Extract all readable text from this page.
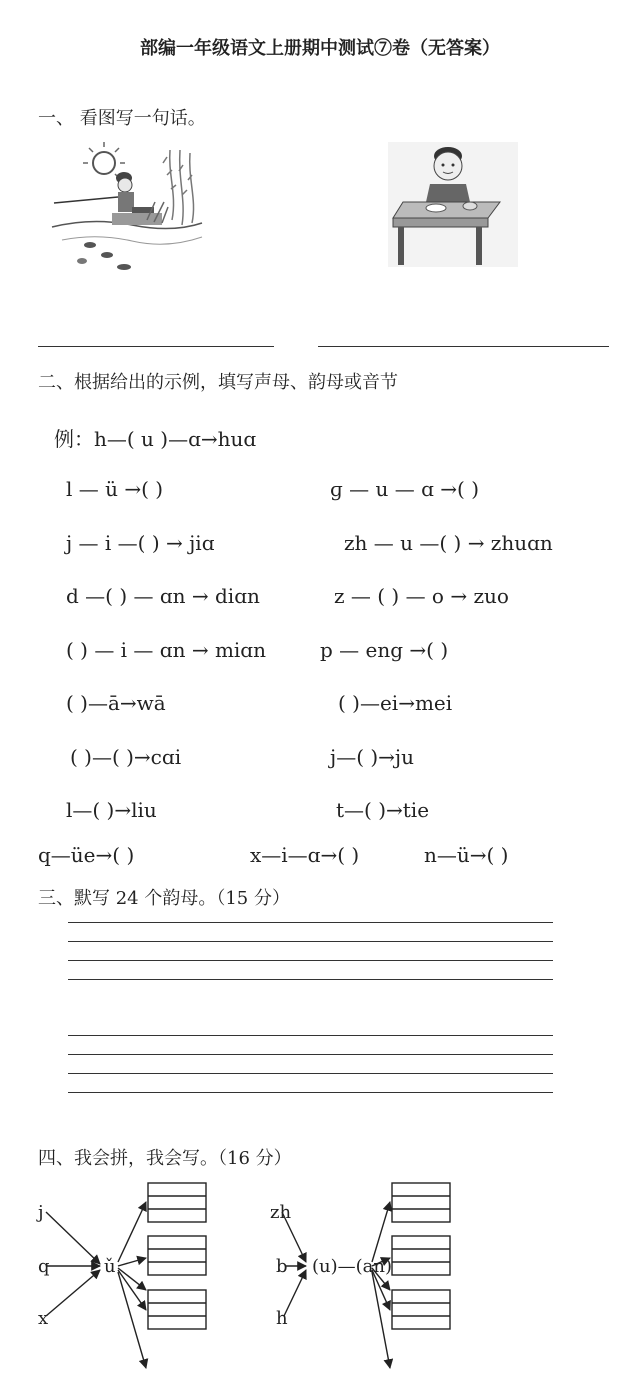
部编一年级语文上册期中测试⑦卷（无答案）
一、 看图写一句话。
二、根据给出的示例，填写声母、韵母或音节
例：h—( u )—ɑ→huɑ
l — ü →( )	ɡ — u — ɑ →( )
j — i —( ) → jiɑ	zh — u —( ) → zhuɑn
d —( ) — ɑn → diɑn	z — ( ) — o → zuo
( ) — i — ɑn → miɑn	p — eng →( )
( )—ā→wā	( )—ei→mei
( )—( )→cɑi	j—( )→ju
l—( )→liu	t—( )→tie
q—üe→( )	x—i—ɑ→( )	n—ü→( )
三、默写 24 个韵母。（15 分）
四、我会拼，我会写。（16 分）
j
q
x
ǔ
zh
b
h
(u)—(an)
